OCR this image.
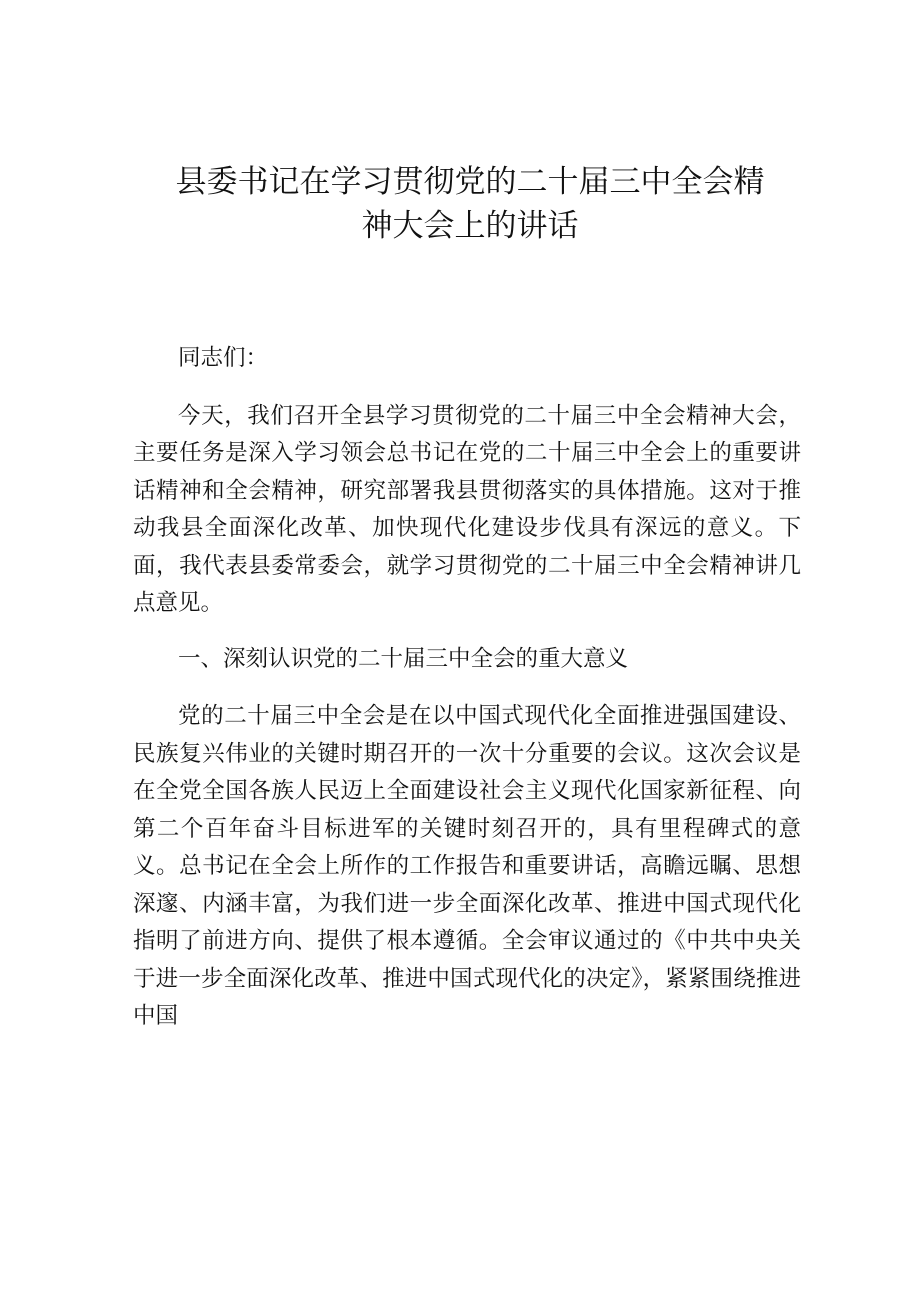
县委书记在学习贯彻党的二十届三中全会精
神大会上的讲话

同志们：

今天，我们召开全县学习贯彻党的二十届三中全会精神大会，主要任务是深入学习领会总书记在党的二十届三中全会上的重要讲话精神和全会精神，研究部署我县贯彻落实的具体措施。这对于推动我县全面深化改革、加快现代化建设步伐具有深远的意义。下面，我代表县委常委会，就学习贯彻党的二十届三中全会精神讲几点意见。

一、深刻认识党的二十届三中全会的重大意义

党的二十届三中全会是在以中国式现代化全面推进强国建设、民族复兴伟业的关键时期召开的一次十分重要的会议。这次会议是在全党全国各族人民迈上全面建设社会主义现代化国家新征程、向第二个百年奋斗目标进军的关键时刻召开的，具有里程碑式的意义。总书记在全会上所作的工作报告和重要讲话，高瞻远瞩、思想深邃、内涵丰富，为我们进一步全面深化改革、推进中国式现代化指明了前进方向、提供了根本遵循。全会审议通过的《中共中央关于进一步全面深化改革、推进中国式现代化的决定》，紧紧围绕推进中国
